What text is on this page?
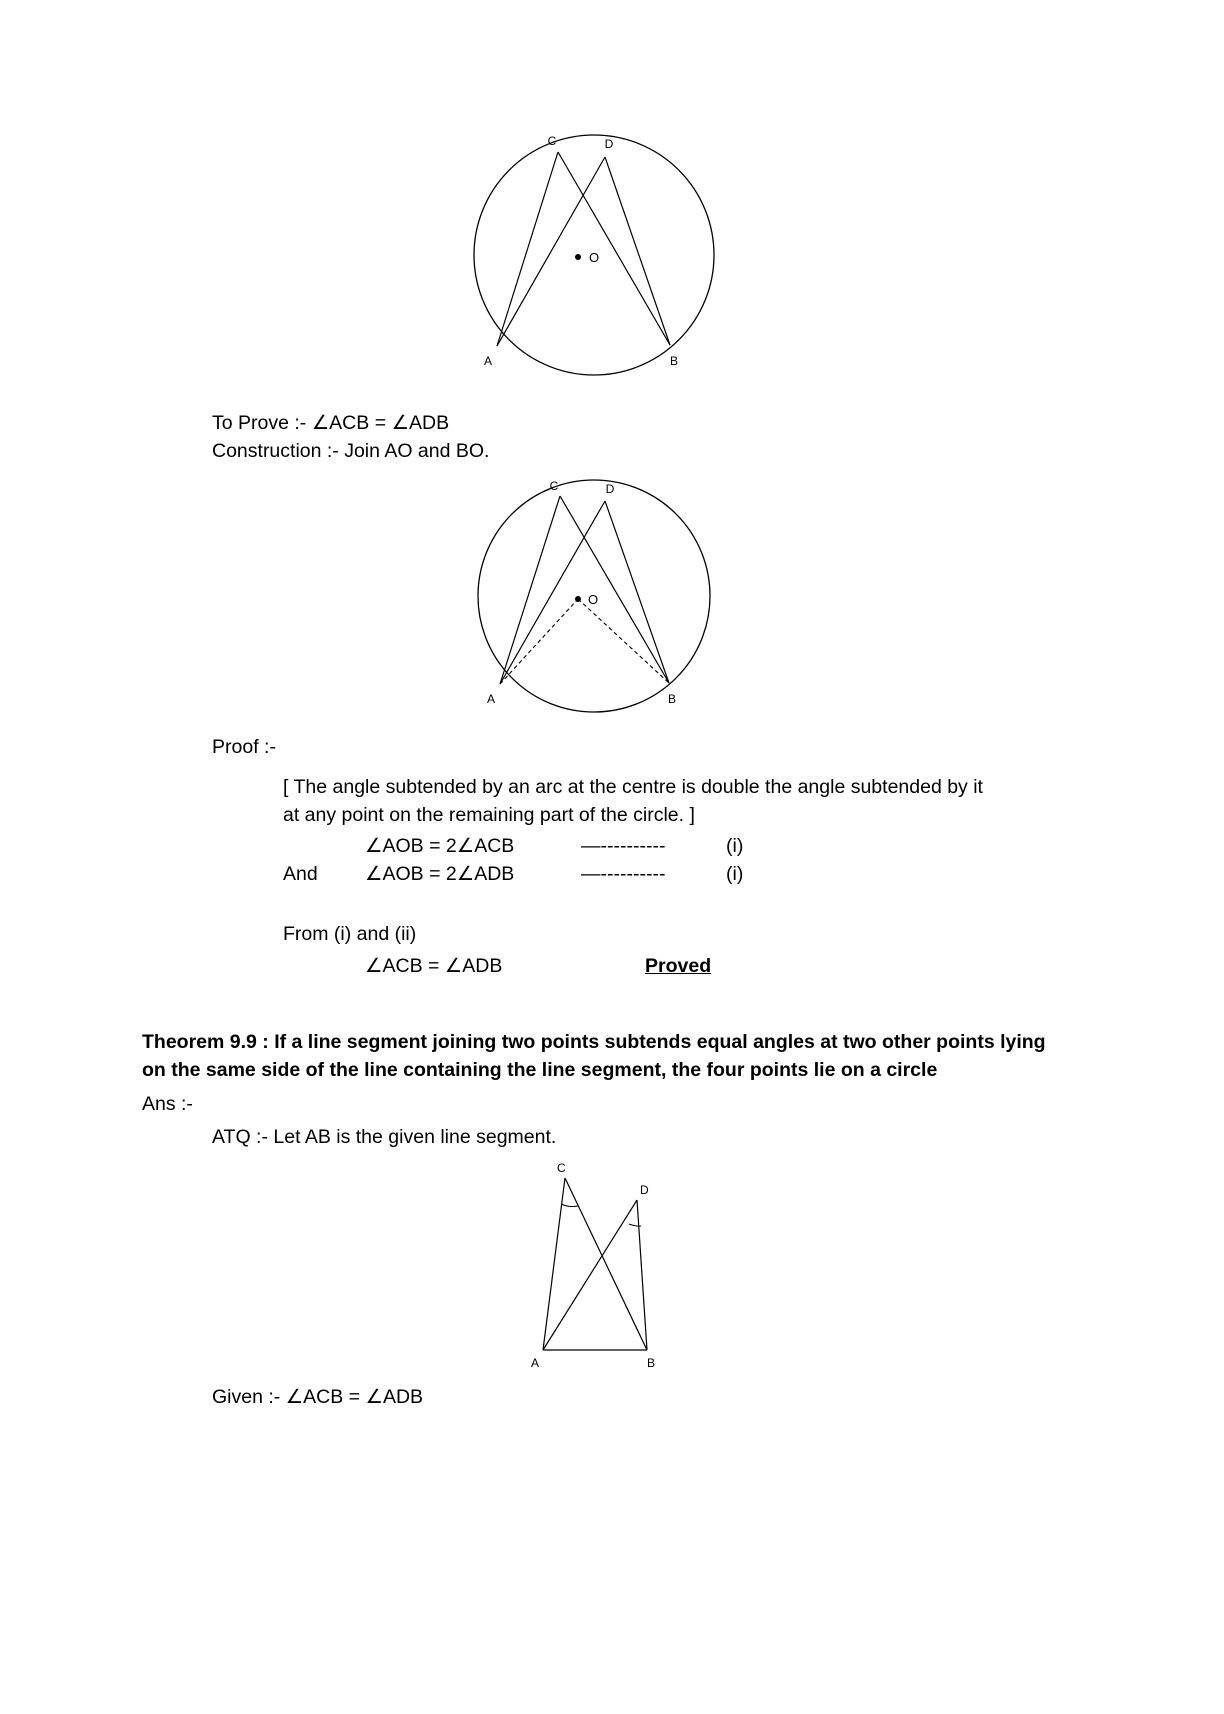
C	D
O
A	B
To Prove :- ∠ACB = ∠ADB
Construction :- Join AO and BO.
C	D
O
A	B
Proof :-
[ The angle subtended by an arc at the centre is double the angle subtended by it
at any point on the remaining part of the circle. ]
∠AOB = 2∠ACB	—----------	(i)
And	∠AOB = 2∠ADB	—----------	(i)
From (i) and (ii)
∠ACB = ∠ADB	Proved
Theorem 9.9 : If a line segment joining two points subtends equal angles at two other points lying on the same side of the line containing the line segment, the four points lie on a circle
Ans :-
ATQ :- Let AB is the given line segment.
C
D
A	B
Given :- ∠ACB = ∠ADB
